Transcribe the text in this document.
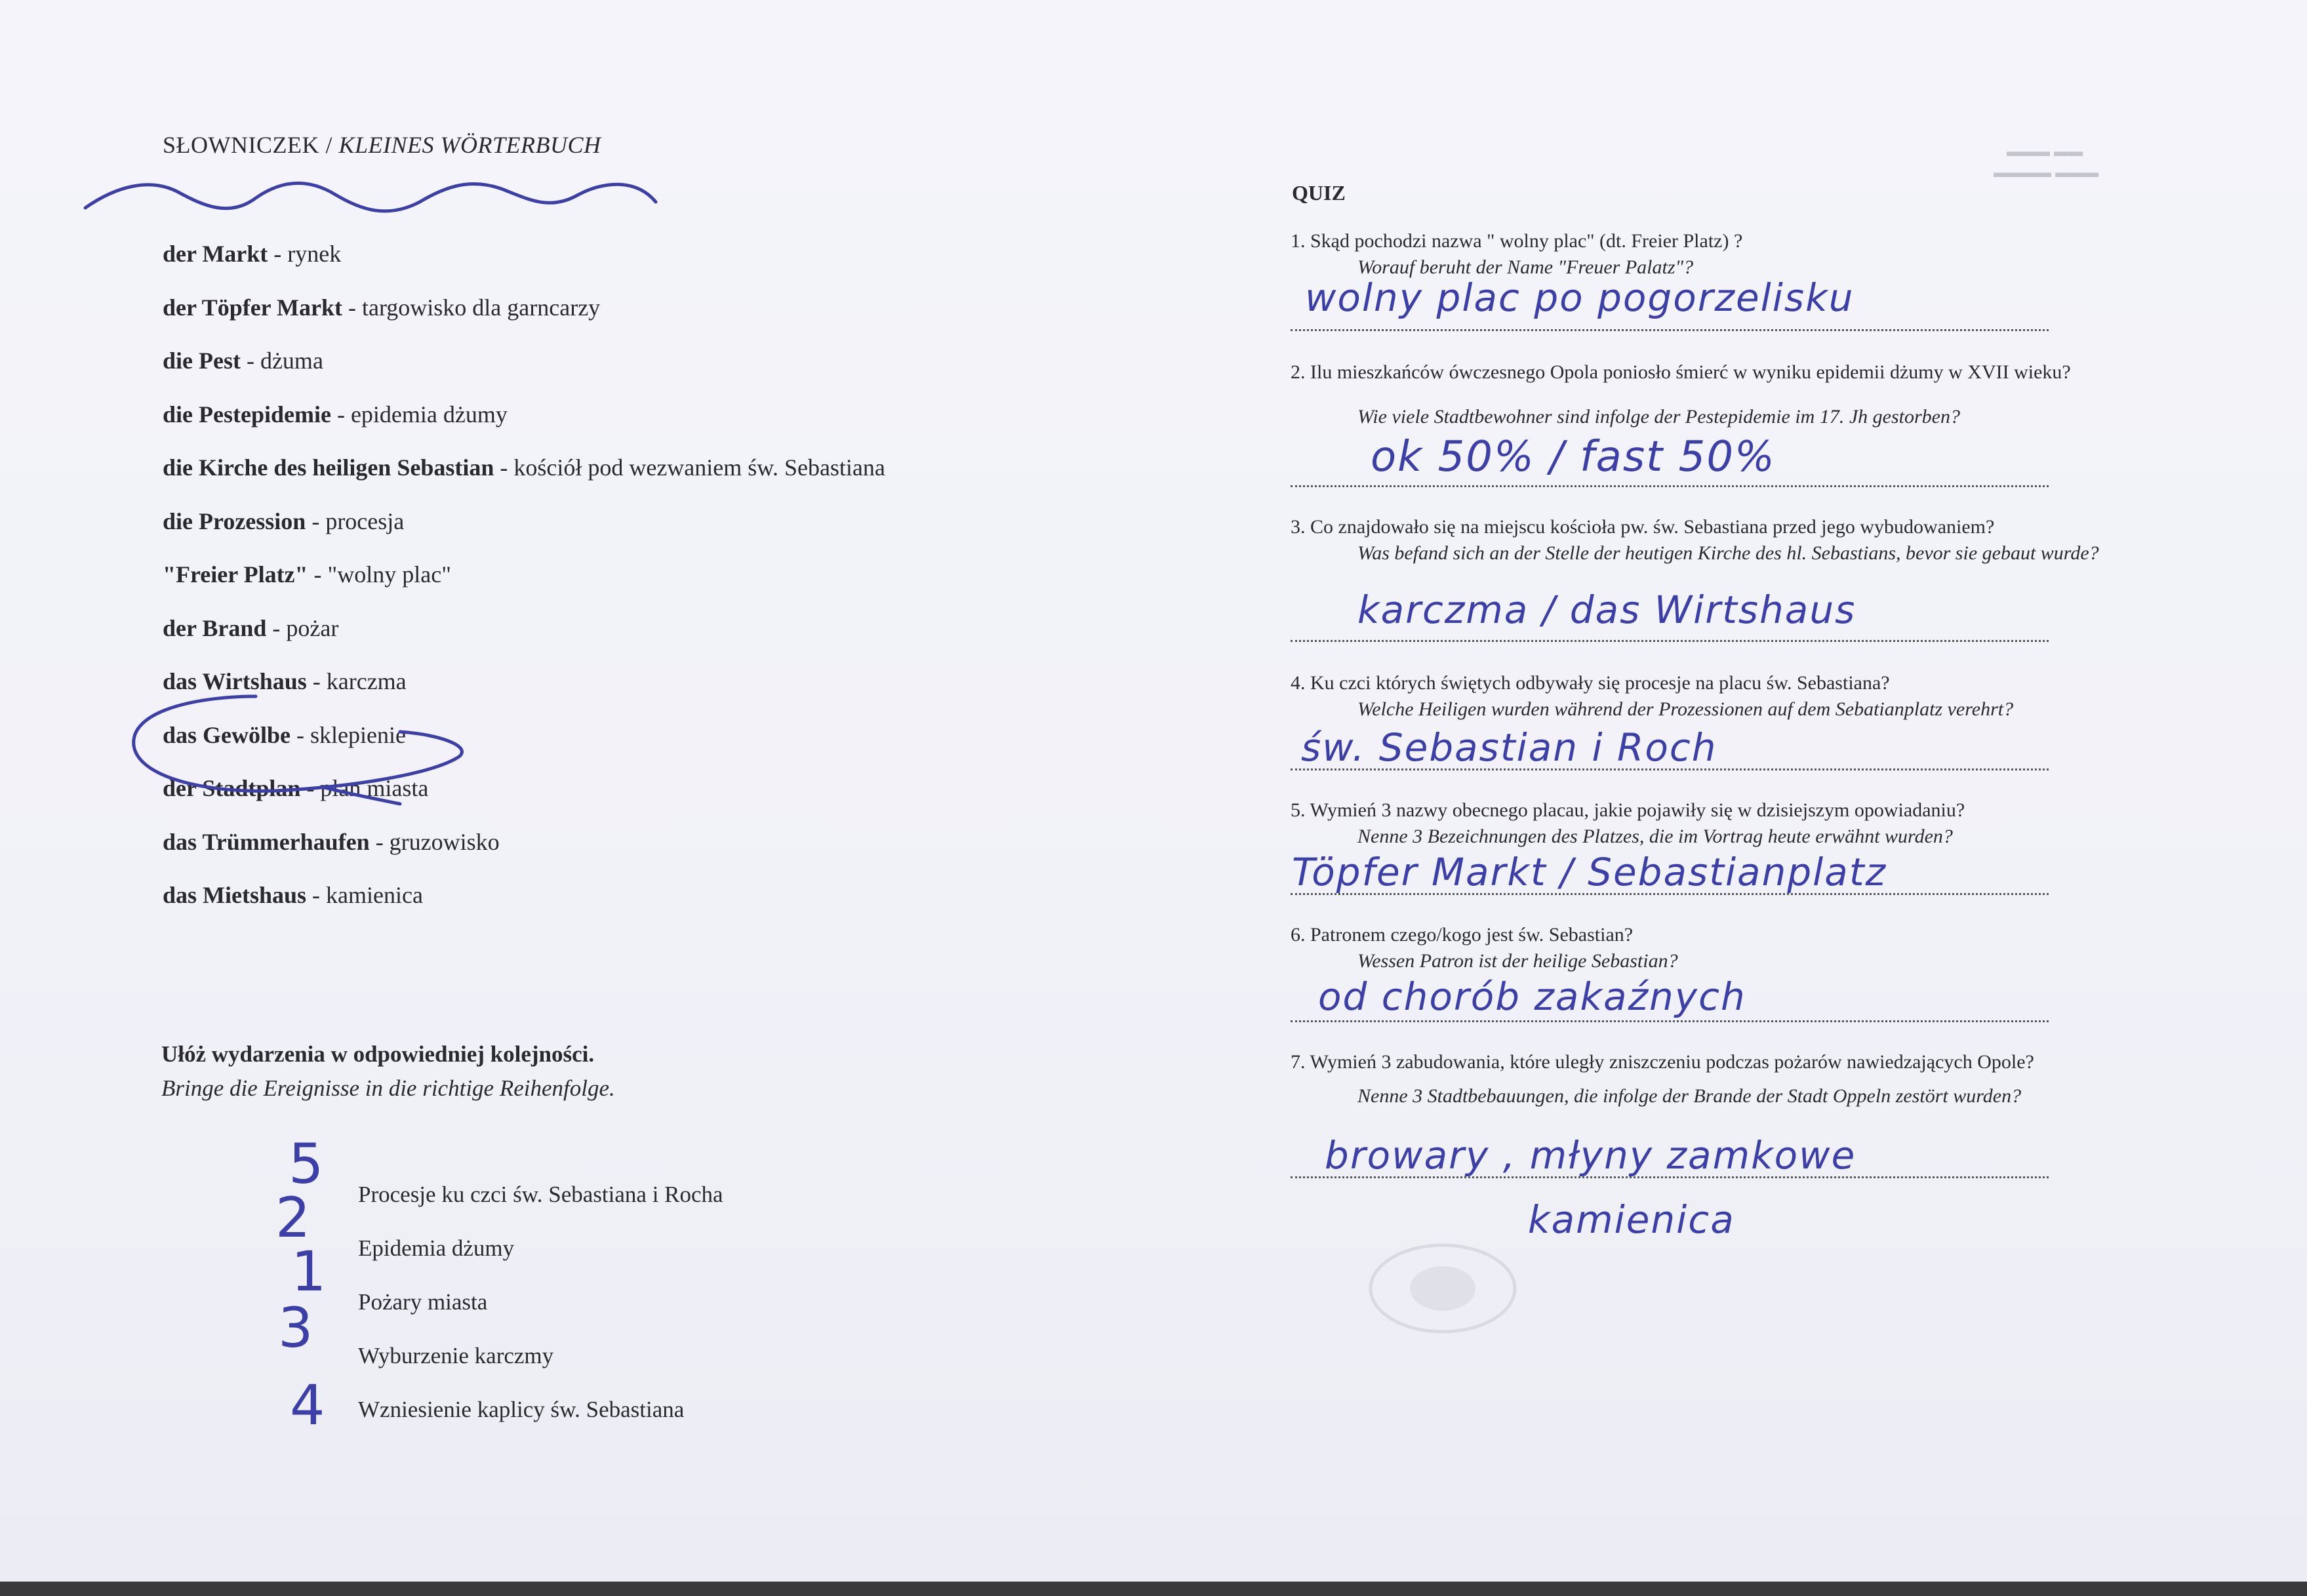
SŁOWNICZEK / KLEINES WÖRTERBUCH
der Markt - rynek
der Töpfer Markt - targowisko dla garncarzy
die Pest - dżuma
die Pestepidemie - epidemia dżumy
die Kirche des heiligen Sebastian - kościół pod wezwaniem św. Sebastiana
die Prozession - procesja
"Freier Platz" - "wolny plac"
der Brand - pożar
das Wirtshaus - karczma
das Gewölbe - sklepienie
der Stadtplan - plan miasta
das Trümmerhaufen - gruzowisko
das Mietshaus - kamienica
Ułóż wydarzenia w odpowiedniej kolejności.
Bringe die Ereignisse in die richtige Reihenfolge.
Procesje ku czci św. Sebastiana i Rocha
Epidemia dżumy
Pożary miasta
Wyburzenie karczmy
Wzniesienie kaplicy św. Sebastiana
5
2
1
3
4
▬▬▬ ▬▬
▬▬▬▬ ▬▬▬
QUIZ
1. Skąd pochodzi nazwa " wolny plac" (dt. Freier Platz) ?
Worauf beruht der Name "Freuer Palatz"?
wolny plac po pogorzelisku
2. Ilu mieszkańców ówczesnego Opola poniosło śmierć w wyniku epidemii dżumy w XVII wieku?
Wie viele Stadtbewohner sind infolge der Pestepidemie im 17. Jh gestorben?
ok 50% / fast 50%
3. Co znajdowało się na miejscu kościoła pw. św. Sebastiana przed jego wybudowaniem?
Was befand sich an der Stelle der heutigen Kirche des hl. Sebastians, bevor sie gebaut wurde?
karczma / das Wirtshaus
4. Ku czci których świętych odbywały się procesje na placu św. Sebastiana?
Welche Heiligen wurden während der Prozessionen auf dem Sebatianplatz verehrt?
św. Sebastian i Roch
5. Wymień 3 nazwy obecnego placau, jakie pojawiły się w dzisiejszym opowiadaniu?
Nenne 3 Bezeichnungen des Platzes, die im Vortrag heute erwähnt wurden?
Töpfer Markt / Sebastianplatz
6. Patronem czego/kogo jest św. Sebastian?
Wessen Patron ist der heilige Sebastian?
od chorób zakaźnych
7. Wymień 3 zabudowania, które uległy zniszczeniu podczas pożarów nawiedzających Opole?
Nenne 3 Stadtbebauungen, die infolge der Brande der Stadt Oppeln zestört wurden?
browary , młyny zamkowe
kamienica
